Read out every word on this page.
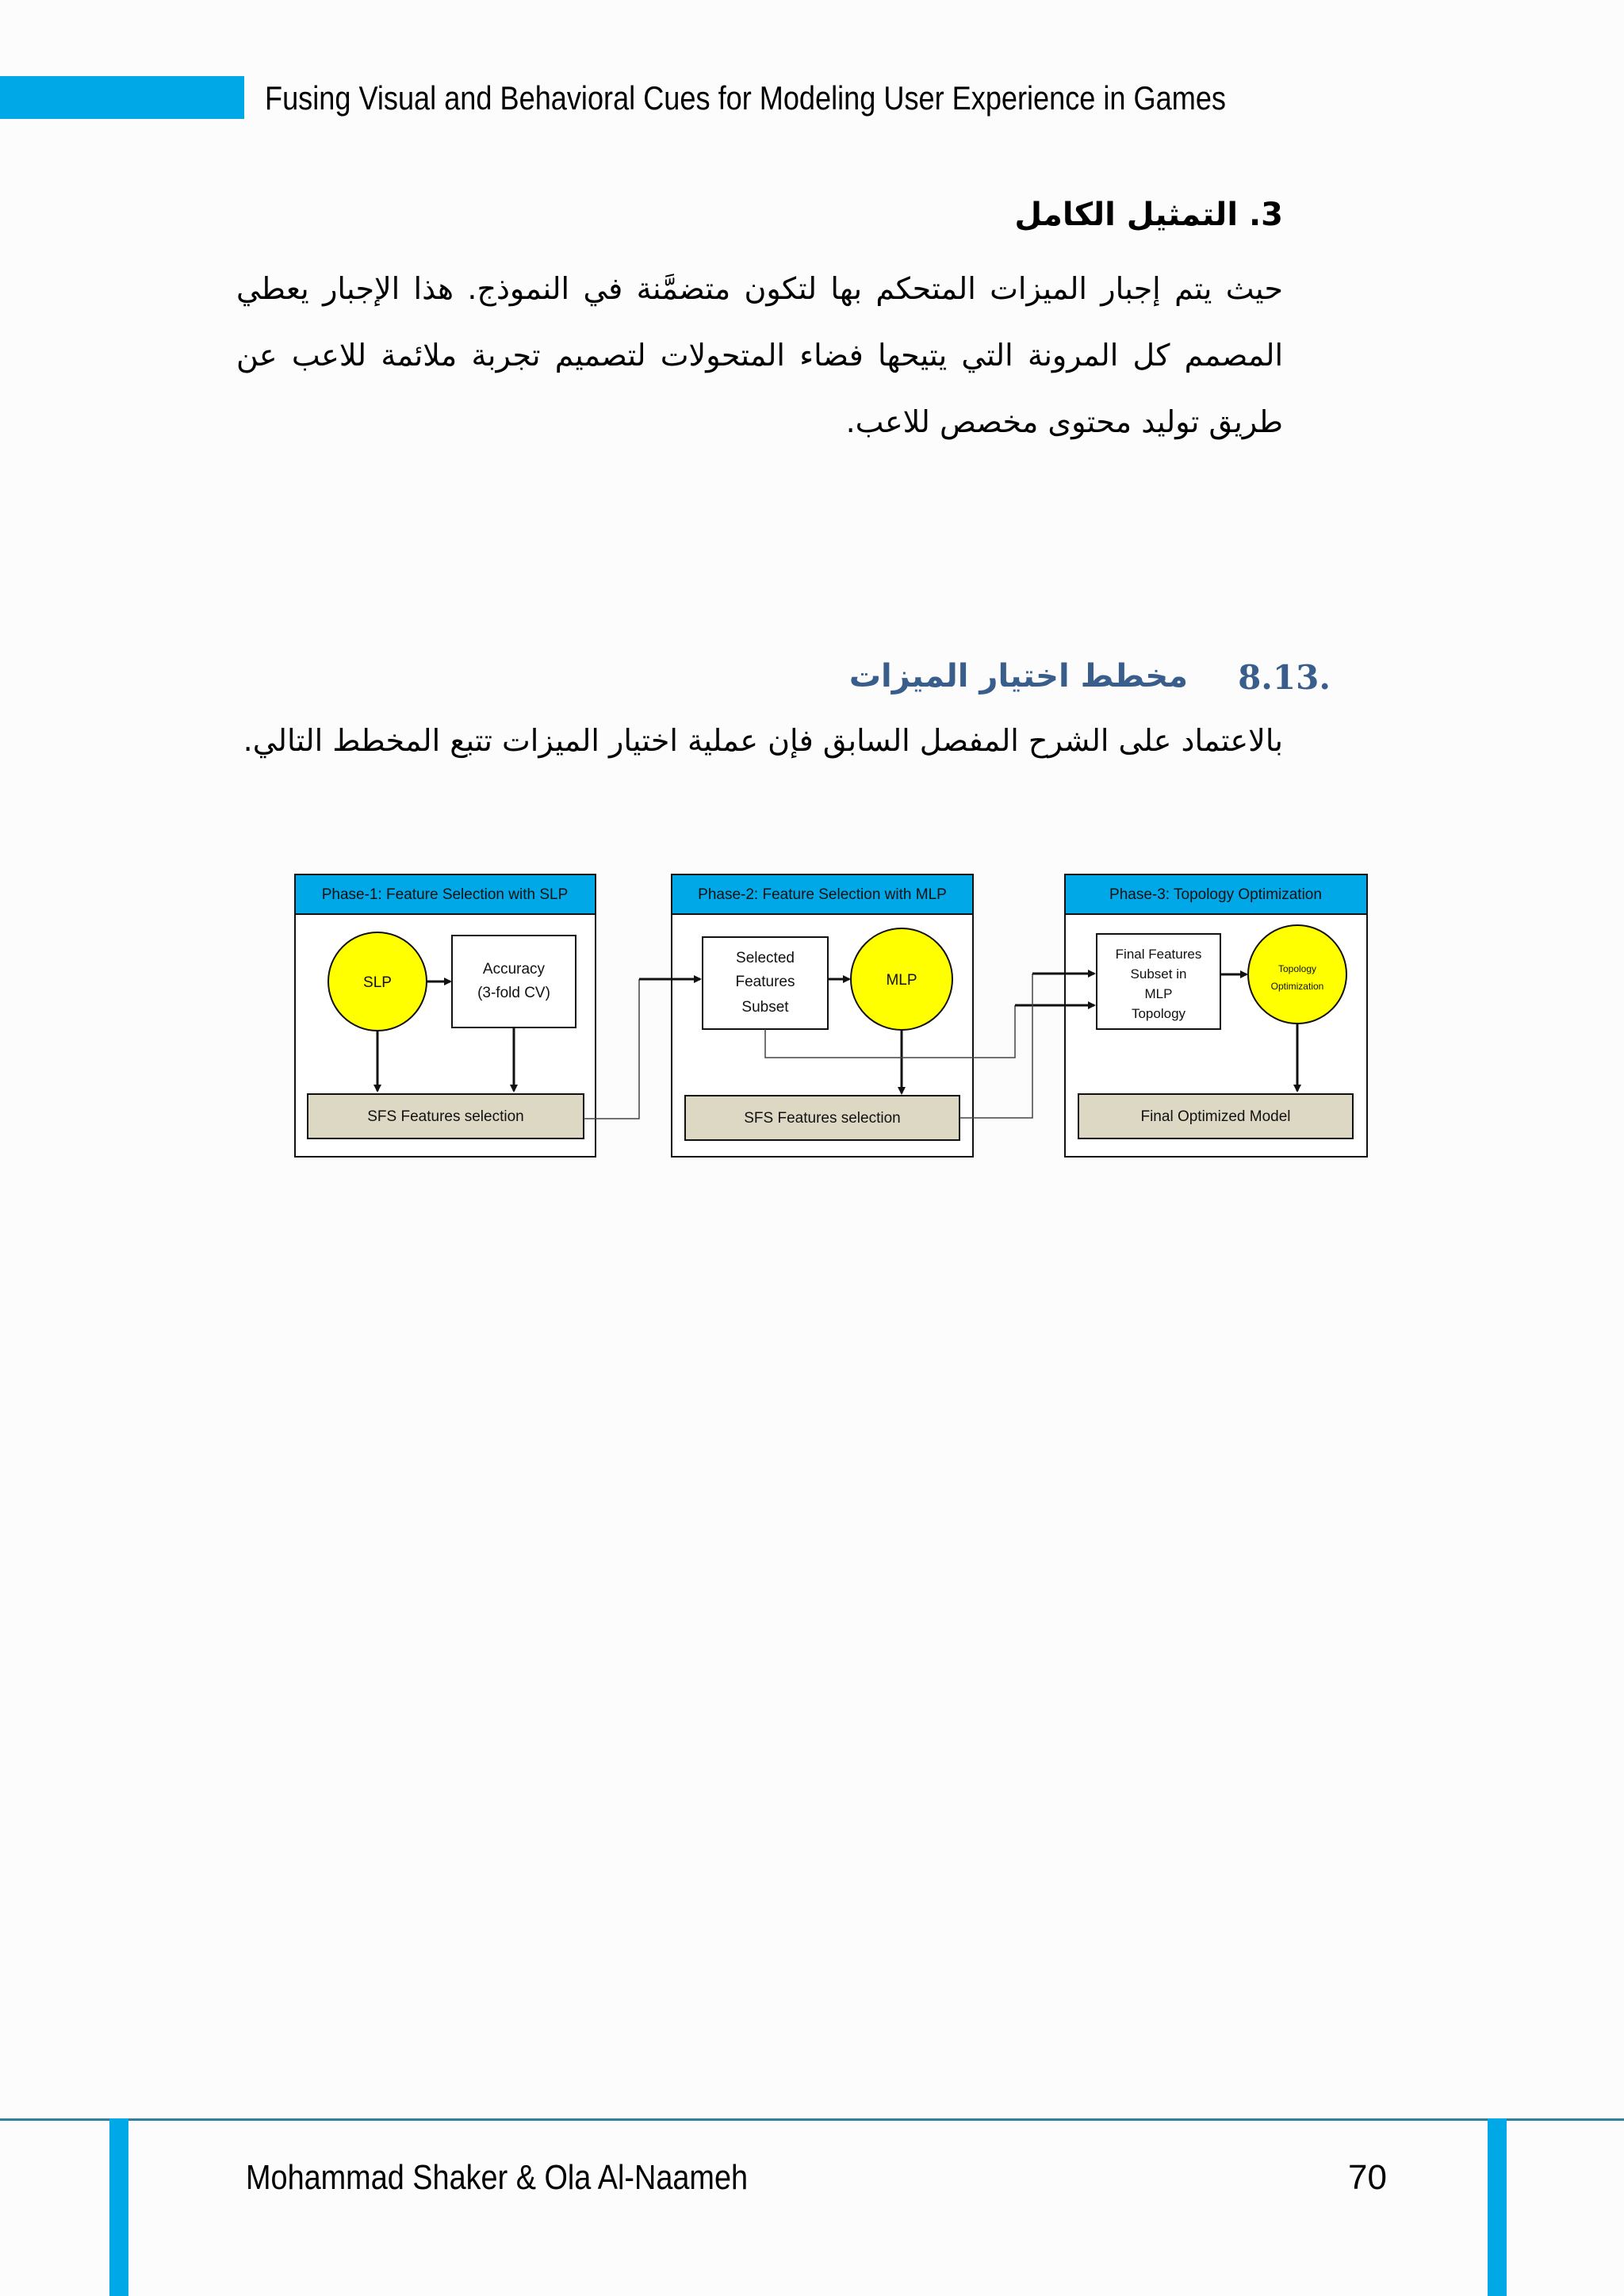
Fusing Visual and Behavioral Cues for Modeling User Experience in Games
3. التمثيل الكامل
حيث يتم إجبار الميزات المتحكم بها لتكون متضمَّنة في النموذج. هذا الإجبار يعطي المصمم كل المرونة التي يتيحها فضاء المتحولات لتصميم تجربة ملائمة للاعب عن طريق توليد محتوى مخصص للاعب.
8.13.
مخطط اختيار الميزات
بالاعتماد على الشرح المفصل السابق فإن عملية اختيار الميزات تتبع المخطط التالي.
Phase-1: Feature Selection with SLP
SLP
Accuracy
(3-fold CV)
SFS Features selection
Phase-2: Feature Selection with MLP
Selected
Features
Subset
MLP
SFS Features selection
Phase-3: Topology Optimization
Final Features
Subset in
MLP
Topology
Topology
Optimization
Final Optimized Model
Mohammad Shaker & Ola Al-Naameh	70
